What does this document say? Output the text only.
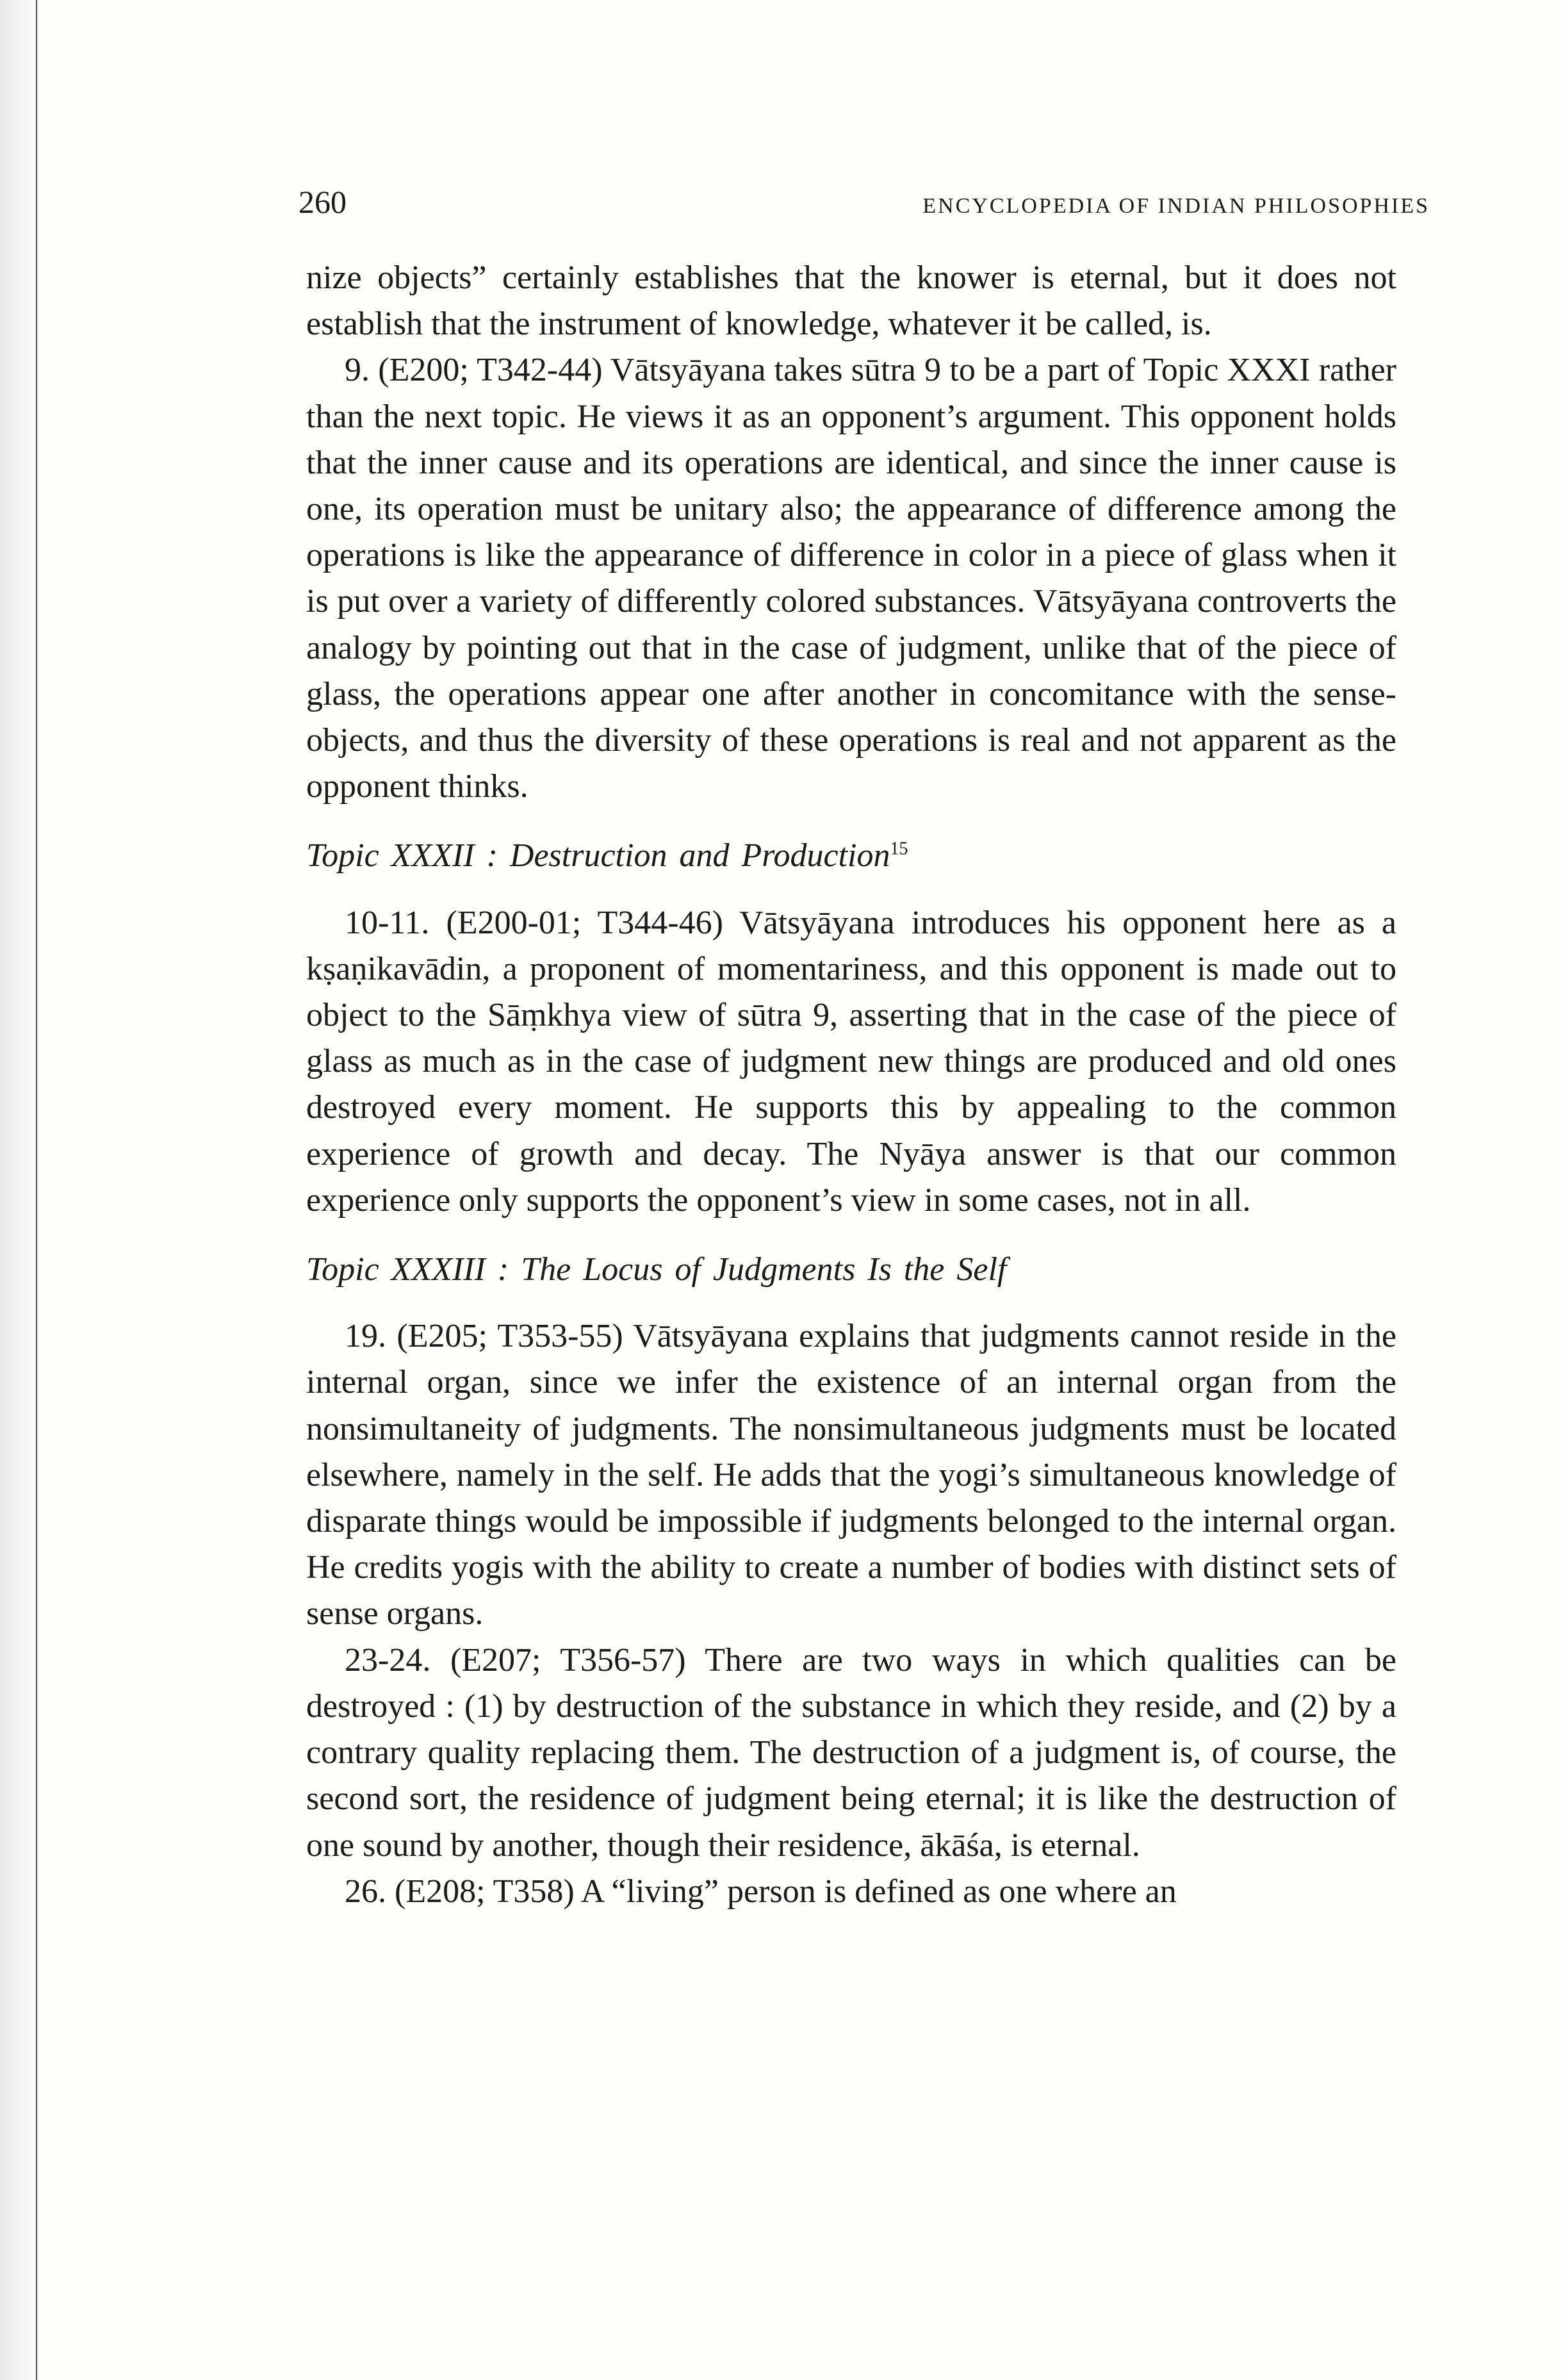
260	ENCYCLOPEDIA OF INDIAN PHILOSOPHIES

nize objects” certainly establishes that the knower is eternal, but it does not establish that the instrument of knowledge, whatever it be called, is.

9. (E200; T342-44) Vātsyāyana takes sūtra 9 to be a part of Topic XXXI rather than the next topic. He views it as an opponent’s argument. This opponent holds that the inner cause and its operations are identical, and since the inner cause is one, its operation must be unitary also; the appearance of difference among the operations is like the appearance of difference in color in a piece of glass when it is put over a variety of differently colored substances. Vātsyāyana controverts the analogy by pointing out that in the case of judgment, unlike that of the piece of glass, the operations appear one after another in concomitance with the sense-objects, and thus the diversity of these operations is real and not apparent as the opponent thinks.

Topic XXXII : Destruction and Production$^{15}$

10-11. (E200-01; T344-46) Vātsyāyana introduces his opponent here as a kṣaṇikavādin, a proponent of momentariness, and this opponent is made out to object to the Sāṃkhya view of sūtra 9, asserting that in the case of the piece of glass as much as in the case of judgment new things are produced and old ones destroyed every moment. He supports this by appealing to the common experience of growth and decay. The Nyāya answer is that our common experience only supports the opponent’s view in some cases, not in all.

Topic XXXIII : The Locus of Judgments Is the Self

19. (E205; T353-55) Vātsyāyana explains that judgments cannot reside in the internal organ, since we infer the existence of an internal organ from the nonsimultaneity of judgments. The nonsimultaneous judgments must be located elsewhere, namely in the self. He adds that the yogi’s simultaneous knowledge of disparate things would be impossible if judgments belonged to the internal organ. He credits yogis with the ability to create a number of bodies with distinct sets of sense organs.

23-24. (E207; T356-57) There are two ways in which qualities can be destroyed : (1) by destruction of the substance in which they reside, and (2) by a contrary quality replacing them. The destruction of a judgment is, of course, the second sort, the residence of judgment being eternal; it is like the destruction of one sound by another, though their residence, ākāśa, is eternal.

26. (E208; T358) A “living” person is defined as one where an
